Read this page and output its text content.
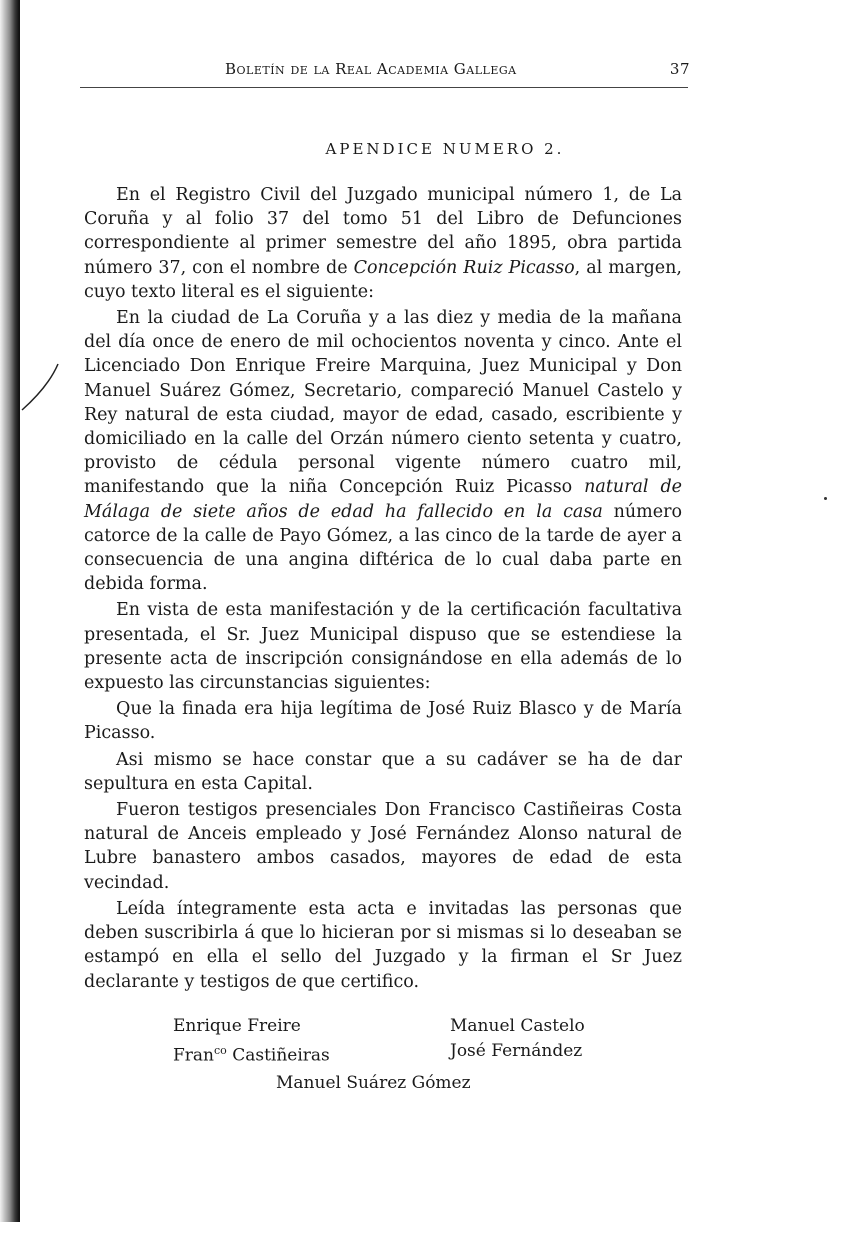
Boletín de la Real Academia Gallega	37
APENDICE NUMERO 2.

En el Registro Civil del Juzgado municipal número 1, de La Coruña y al folio 37 del tomo 51 del Libro de Defunciones correspondiente al primer semestre del año 1895, obra partida número 37, con el nombre de Concepción Ruiz Picasso, al margen, cuyo texto literal es el siguiente:

En la ciudad de La Coruña y a las diez y media de la mañana del día once de enero de mil ochocientos noventa y cinco. Ante el Licenciado Don Enrique Freire Marquina, Juez Municipal y Don Manuel Suárez Gómez, Secretario, compareció Manuel Castelo y Rey natural de esta ciudad, mayor de edad, casado, escribiente y domiciliado en la calle del Orzán número ciento setenta y cuatro, provisto de cédula personal vigente número cuatro mil, manifestando que la niña Concepción Ruiz Picasso natural de Málaga de siete años de edad ha fallecido en la casa número catorce de la calle de Payo Gómez, a las cinco de la tarde de ayer a consecuencia de una angina diftérica de lo cual daba parte en debida forma.

En vista de esta manifestación y de la certificación facultativa presentada, el Sr. Juez Municipal dispuso que se estendiese la presente acta de inscripción consignándose en ella además de lo expuesto las circunstancias siguientes:

Que la finada era hija legítima de José Ruiz Blasco y de María Picasso.

Asi mismo se hace constar que a su cadáver se ha de dar sepultura en esta Capital.

Fueron testigos presenciales Don Francisco Castiñeiras Costa natural de Anceis empleado y José Fernández Alonso natural de Lubre banastero ambos casados, mayores de edad de esta vecindad.

Leída íntegramente esta acta e invitadas las personas que deben suscribirla á que lo hicieran por si mismas si lo deseaban se estampó en ella el sello del Juzgado y la firman el Sr Juez declarante y testigos de que certifico.

Enrique Freire	Manuel Castelo
Fran$^{co}$ Castiñeiras	José Fernández
Manuel Suárez Gómez
